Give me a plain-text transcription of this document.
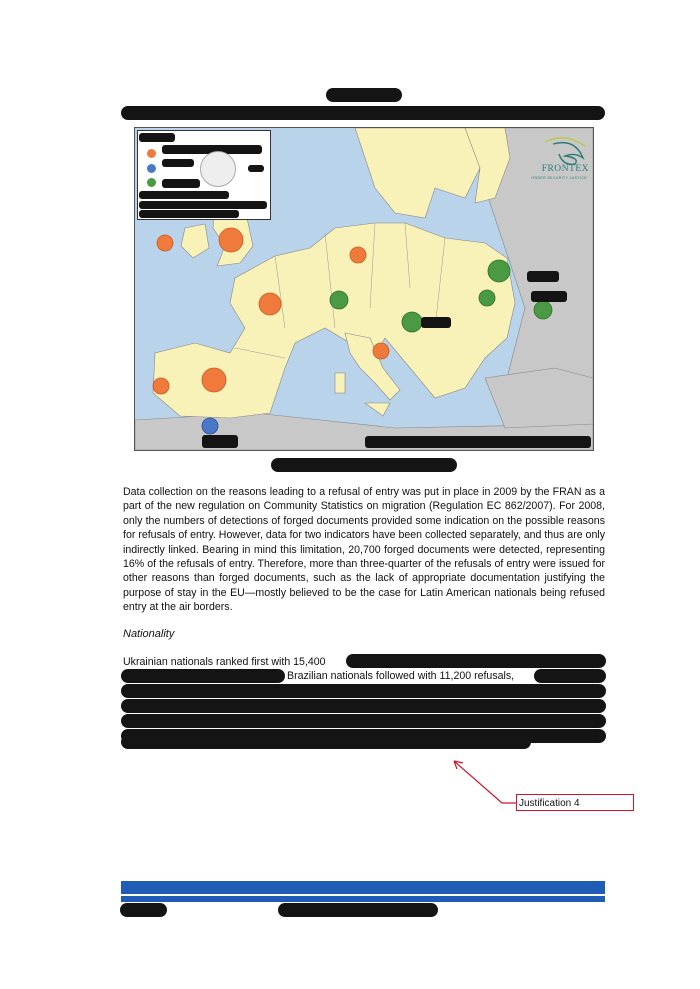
FRONTEX
ORDER SECURITY JUSTICE
Data collection on the reasons leading to a refusal of entry was put in place in 2009 by the FRAN as a part of the new regulation on Community Statistics on migration (Regulation EC 862/2007). For 2008, only the numbers of detections of forged documents provided some indication on the possible reasons for refusals of entry. However, data for two indicators have been collected separately, and thus are only indirectly linked. Bearing in mind this limitation, 20,700 forged documents were detected, representing 16% of the refusals of entry. Therefore, more than three-quarter of the refusals of entry were issued for other reasons than forged documents, such as the lack of appropriate documentation justifying the purpose of stay in the EU—mostly believed to be the case for Latin American nationals being refused entry at the air borders.
Nationality
Ukrainian nationals ranked first with 15,400
Brazilian nationals followed with 11,200 refusals,
Justification 4
